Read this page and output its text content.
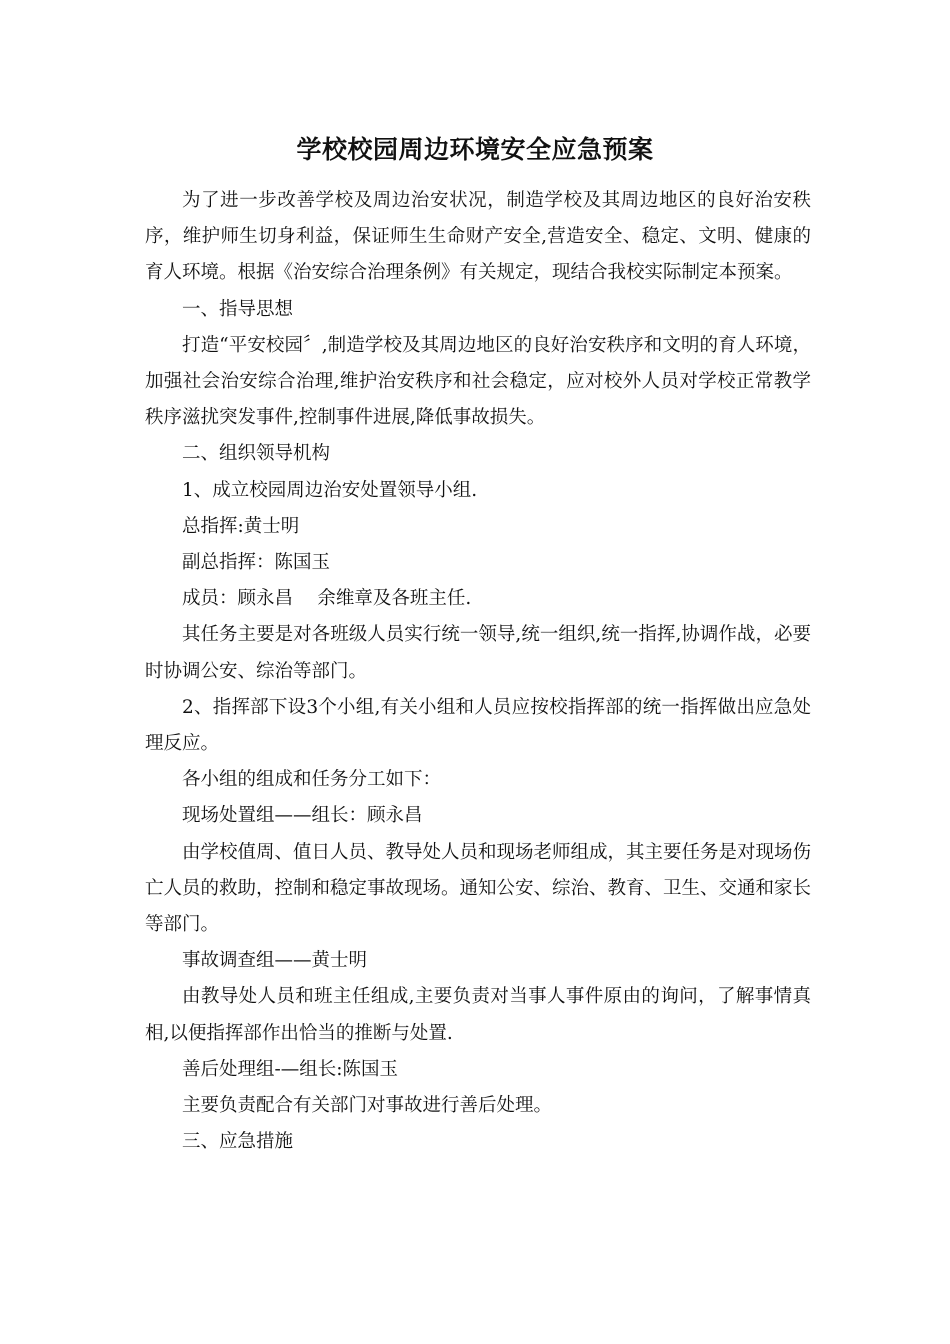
学校校园周边环境安全应急预案

为了进一步改善学校及周边治安状况，制造学校及其周边地区的良好治安秩序，维护师生切身利益，保证师生生命财产安全,营造安全、稳定、文明、健康的育人环境。根据《治安综合治理条例》有关规定，现结合我校实际制定本预案。

一、指导思想

打造“平安校园〞,制造学校及其周边地区的良好治安秩序和文明的育人环境，加强社会治安综合治理,维护治安秩序和社会稳定，应对校外人员对学校正常教学秩序滋扰突发事件,控制事件进展,降低事故损失。

二、组织领导机构

1、成立校园周边治安处置领导小组.

总指挥:黄士明

副总指挥：陈国玉

成员：顾永昌　 余维章及各班主任.

其任务主要是对各班级人员实行统一领导,统一组织,统一指挥,协调作战，必要时协调公安、综治等部门。

2、指挥部下设3个小组,有关小组和人员应按校指挥部的统一指挥做出应急处理反应。

各小组的组成和任务分工如下：

现场处置组——组长：顾永昌

由学校值周、值日人员、教导处人员和现场老师组成，其主要任务是对现场伤亡人员的救助，控制和稳定事故现场。通知公安、综治、教育、卫生、交通和家长等部门。

事故调查组——黄士明

由教导处人员和班主任组成,主要负责对当事人事件原由的询问，了解事情真相,以便指挥部作出恰当的推断与处置.

善后处理组-—组长:陈国玉

主要负责配合有关部门对事故进行善后处理。

三、应急措施
